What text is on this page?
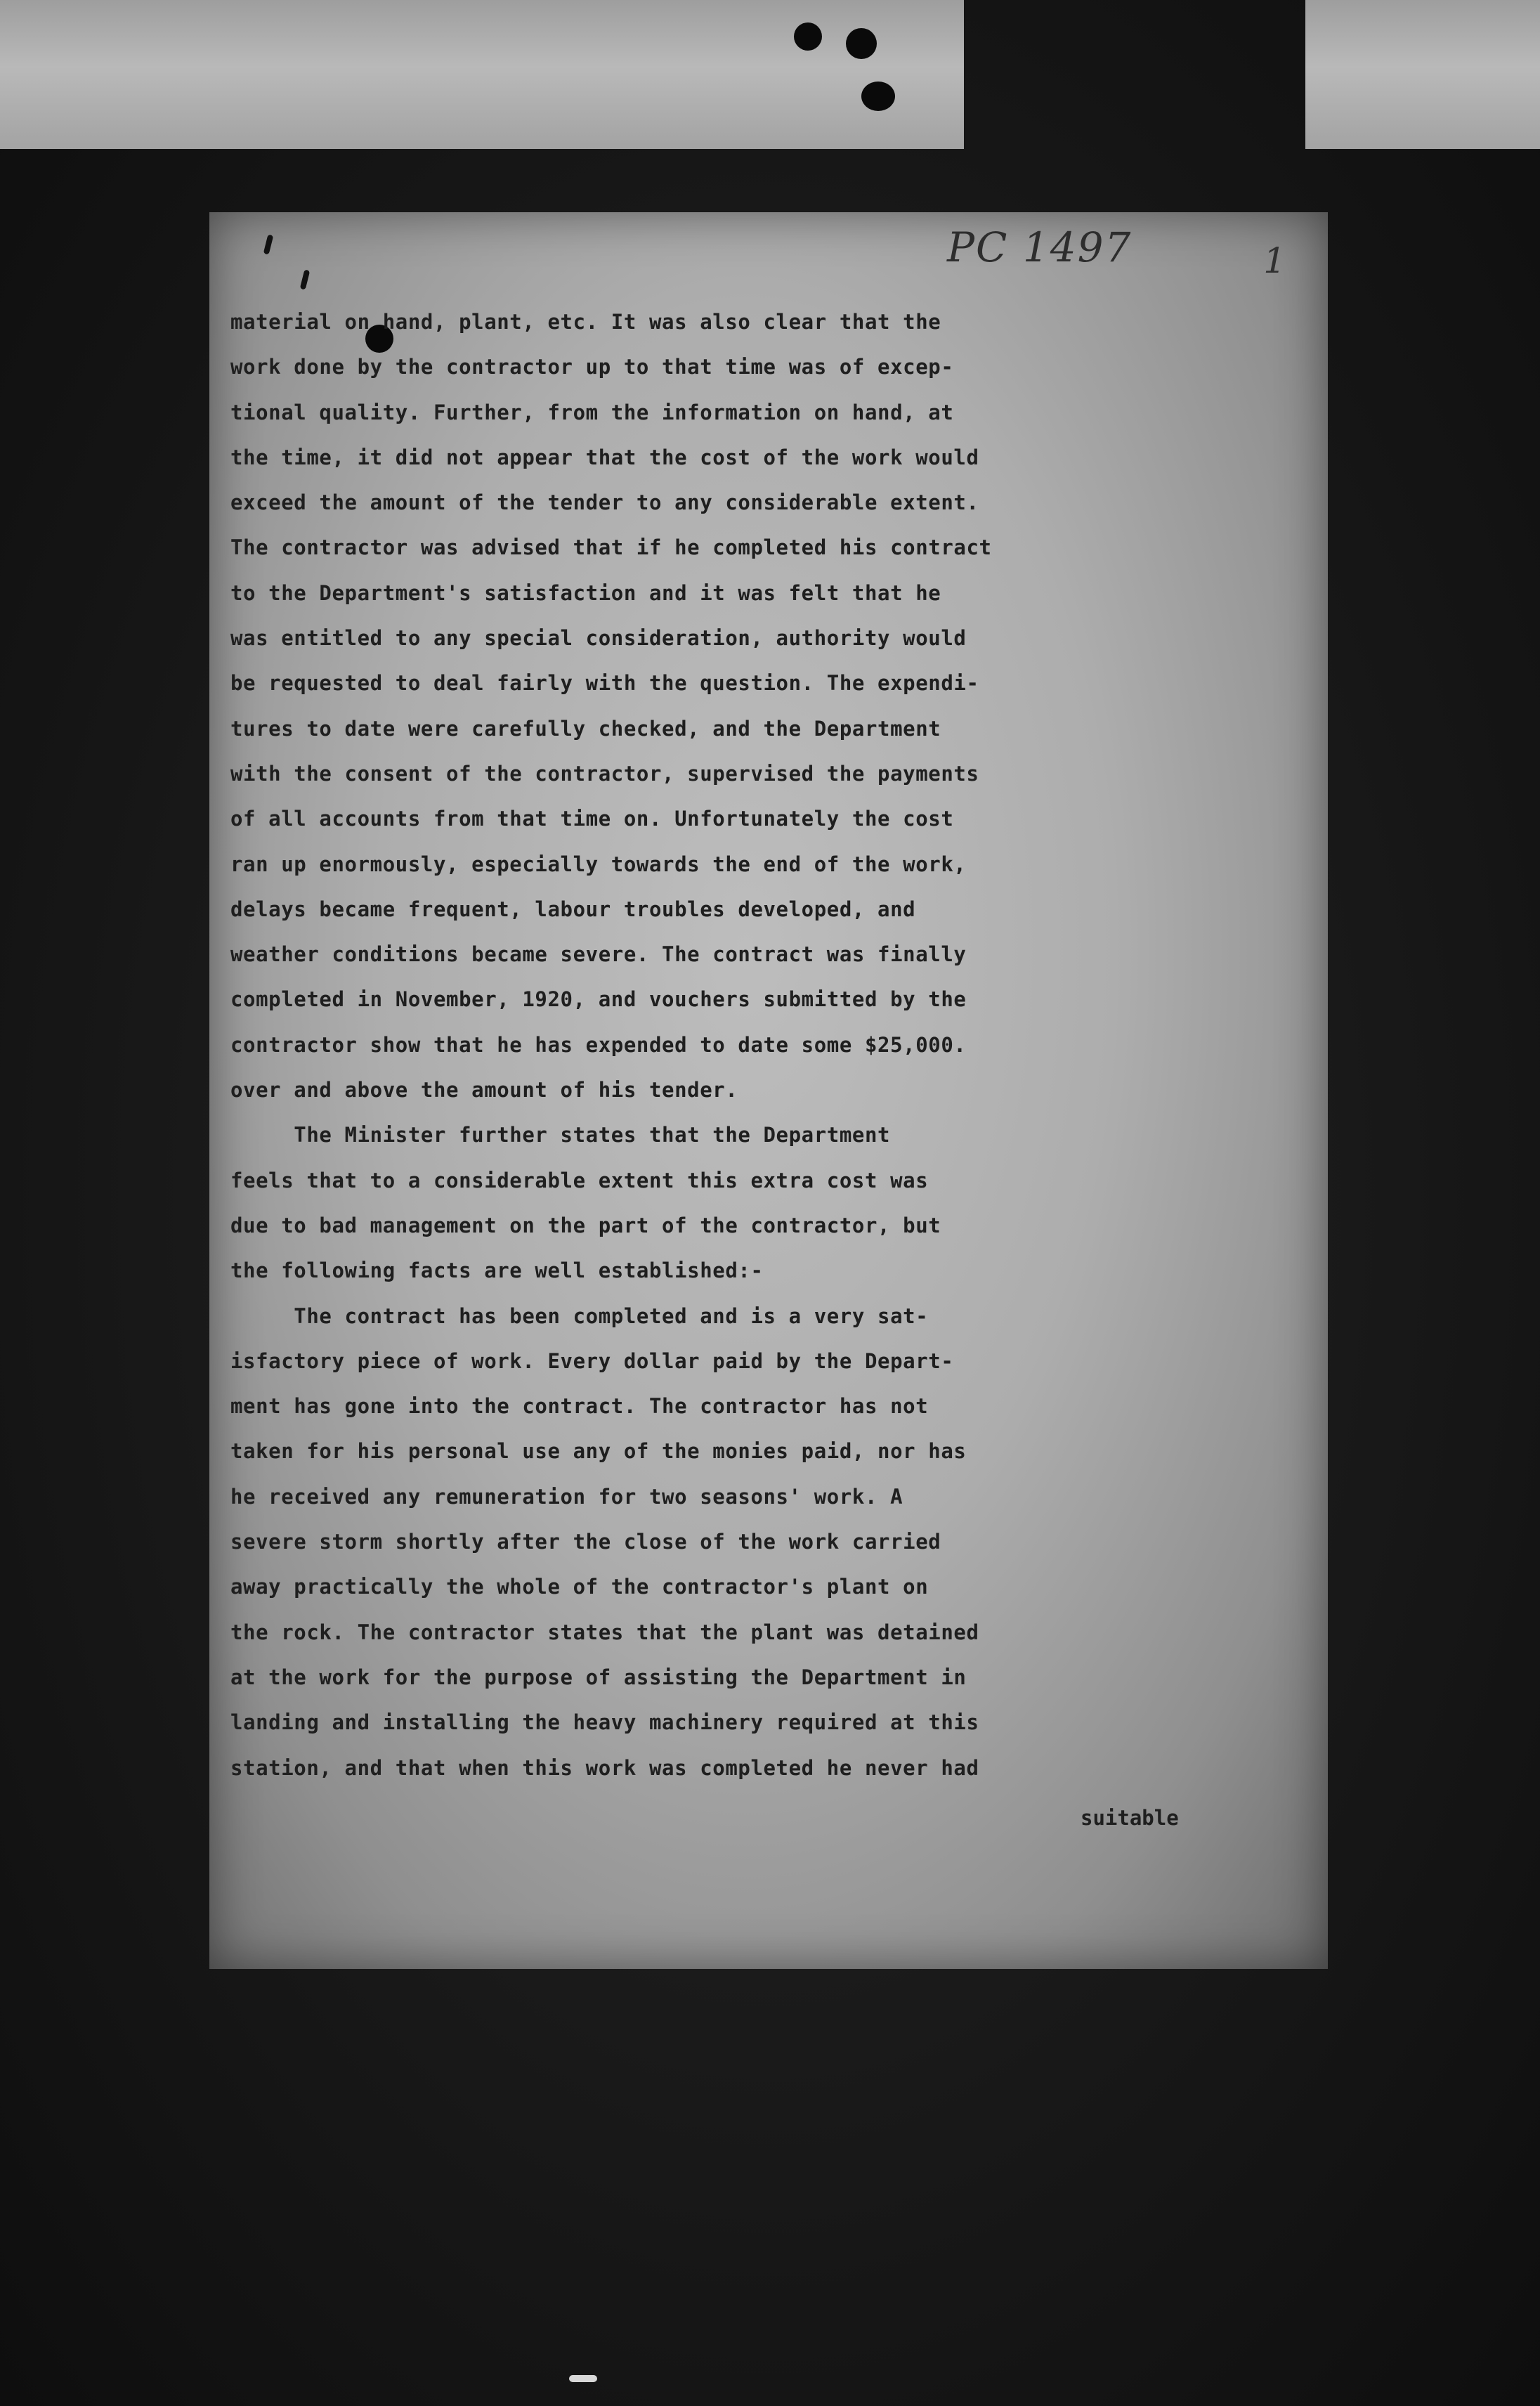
PC 1497	1
material on hand, plant, etc. It was also clear that the
work done by the contractor up to that time was of excep-
tional quality. Further, from the information on hand, at
the time, it did not appear that the cost of the work would
exceed the amount of the tender to any considerable extent.
The contractor was advised that if he completed his contract
to the Department's satisfaction and it was felt that he
was entitled to any special consideration, authority would
be requested to deal fairly with the question. The expendi-
tures to date were carefully checked, and the Department
with the consent of the contractor, supervised the payments
of all accounts from that time on. Unfortunately the cost
ran up enormously, especially towards the end of the work,
delays became frequent, labour troubles developed, and
weather conditions became severe. The contract was finally
completed in November, 1920, and vouchers submitted by the
contractor show that he has expended to date some $25,000.
over and above the amount of his tender.
The Minister further states that the Department
feels that to a considerable extent this extra cost was
due to bad management on the part of the contractor, but
the following facts are well established:-
The contract has been completed and is a very sat-
isfactory piece of work. Every dollar paid by the Depart-
ment has gone into the contract. The contractor has not
taken for his personal use any of the monies paid, nor has
he received any remuneration for two seasons' work. A
severe storm shortly after the close of the work carried
away practically the whole of the contractor's plant on
the rock. The contractor states that the plant was detained
at the work for the purpose of assisting the Department in
landing and installing the heavy machinery required at this
station, and that when this work was completed he never had
suitable
